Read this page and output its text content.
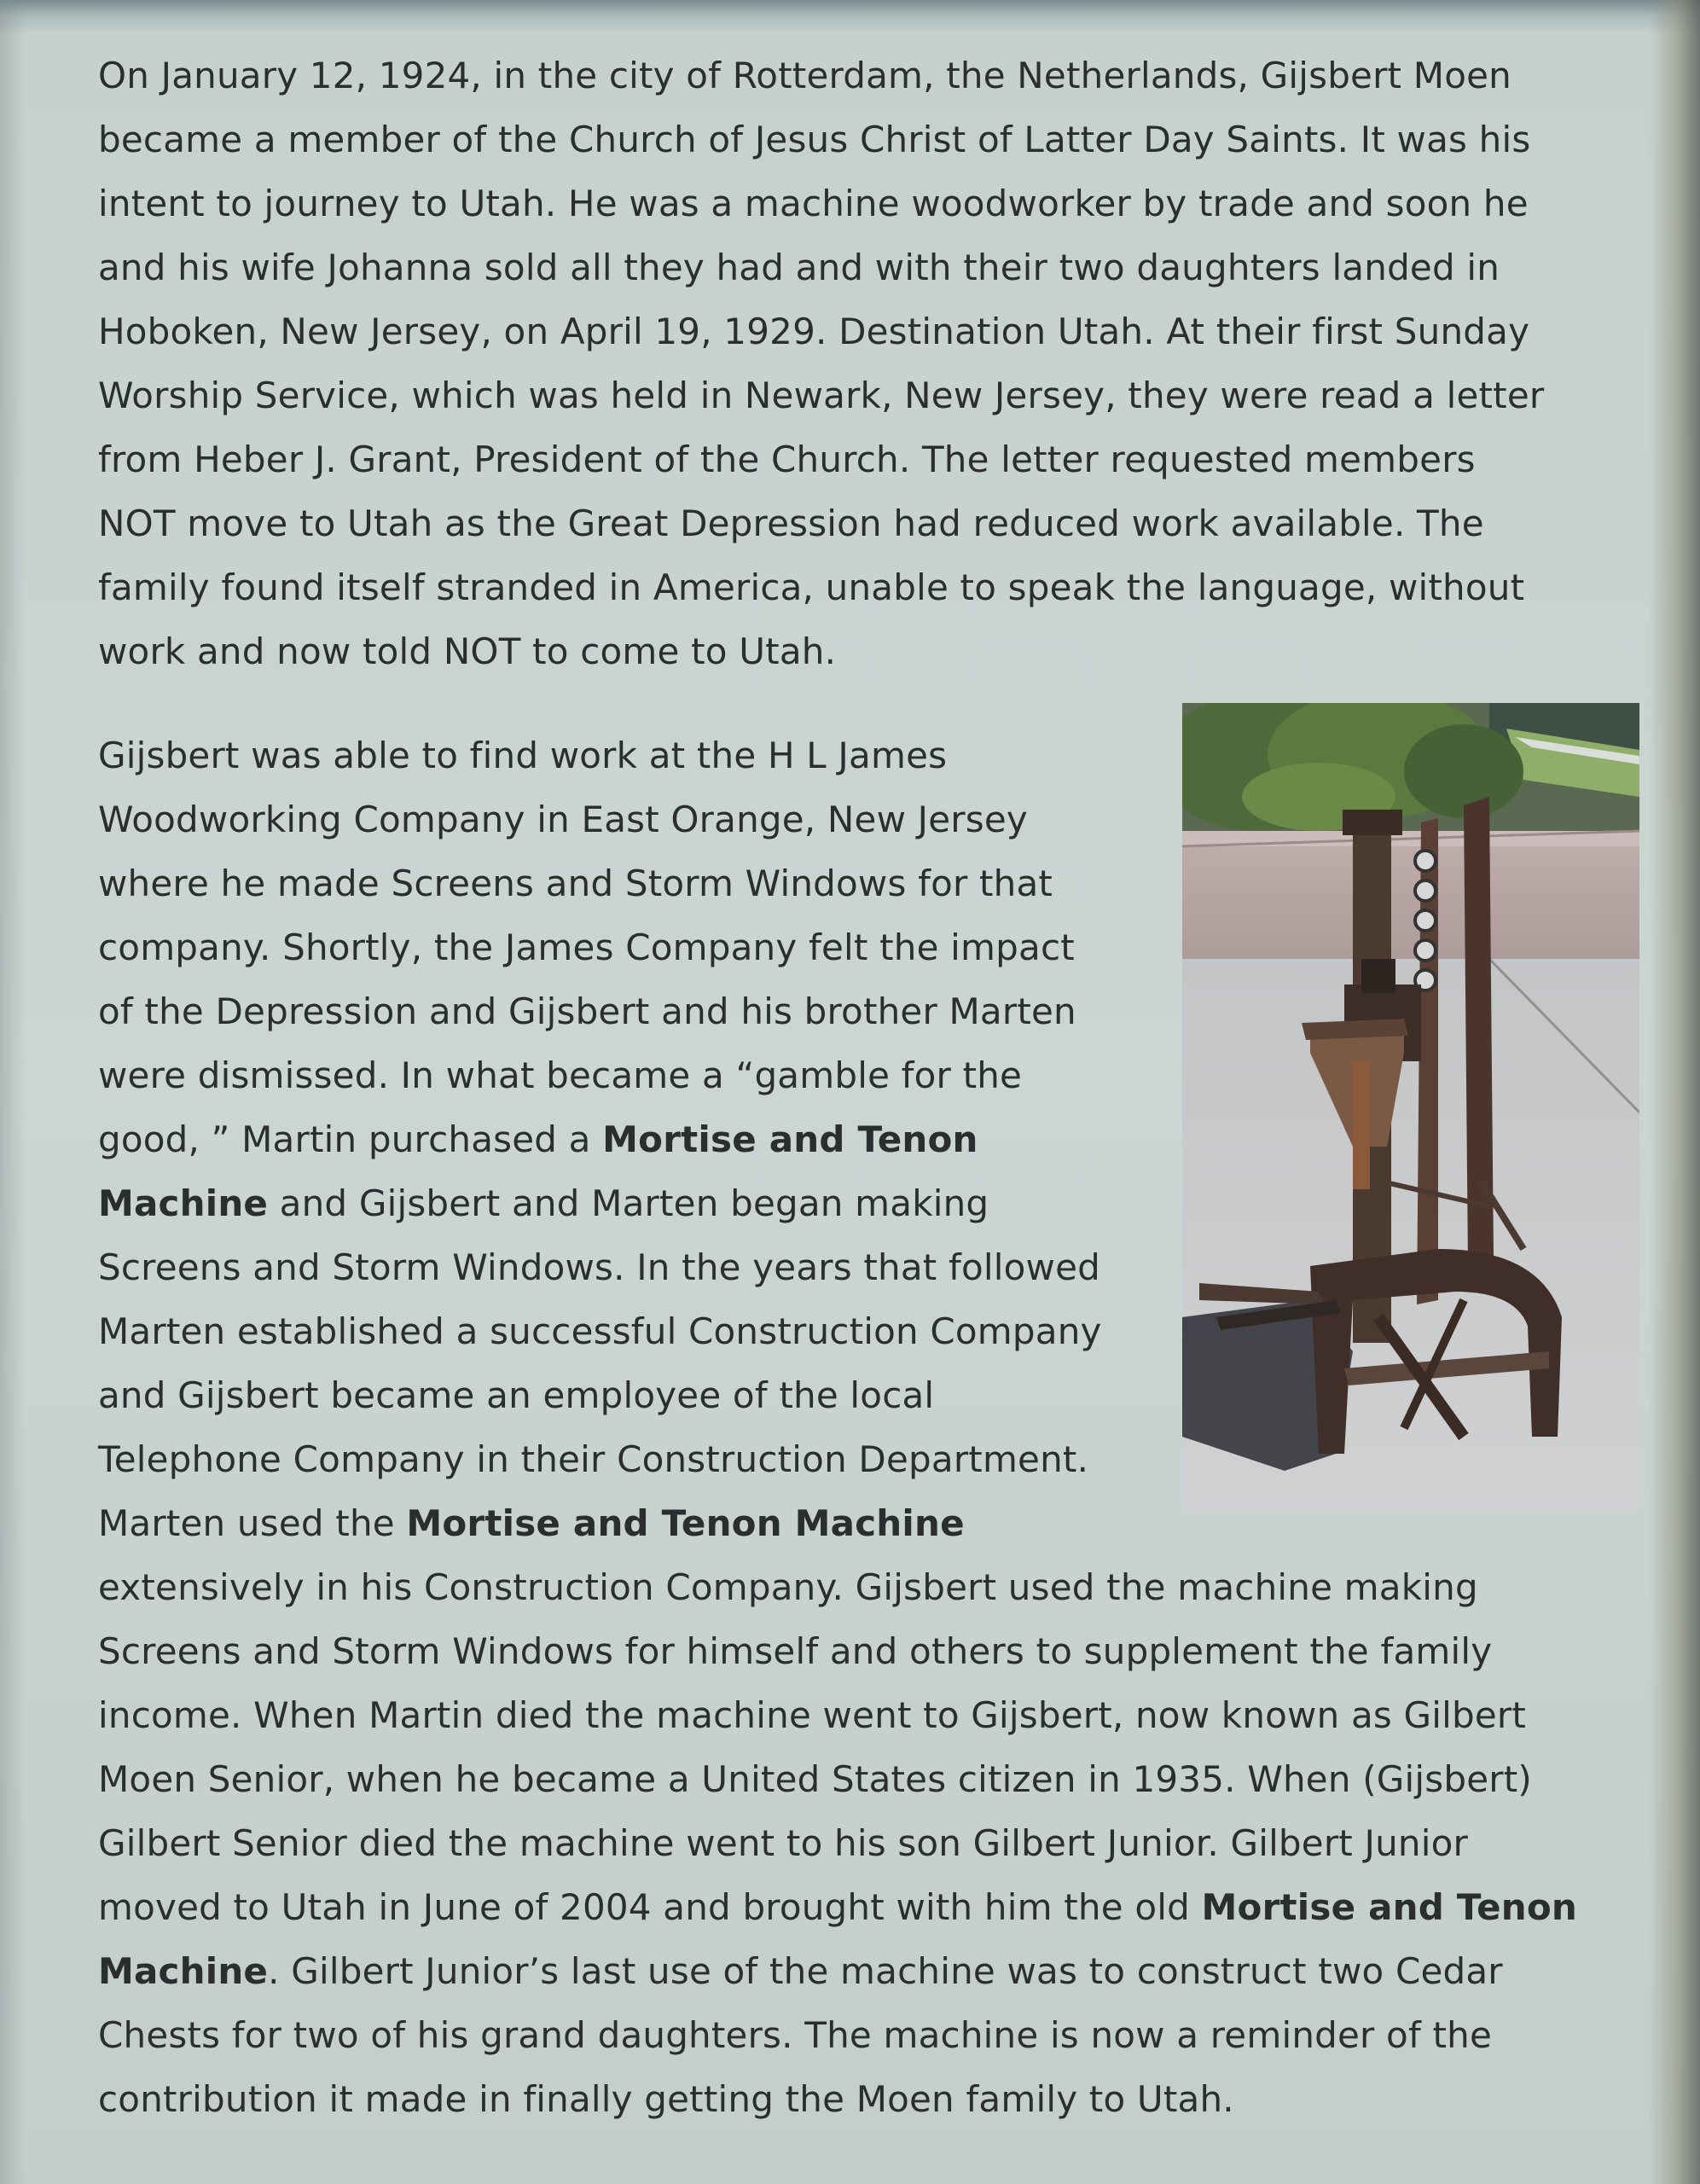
On January 12, 1924, in the city of Rotterdam, the Netherlands, Gijsbert Moen
became a member of the Church of Jesus Christ of Latter Day Saints. It was his
intent to journey to Utah. He was a machine woodworker by trade and soon he
and his wife Johanna sold all they had and with their two daughters landed in
Hoboken, New Jersey, on April 19, 1929. Destination Utah. At their first Sunday
Worship Service, which was held in Newark, New Jersey, they were read a letter
from Heber J. Grant, President of the Church. The letter requested members
NOT move to Utah as the Great Depression had reduced work available. The
family found itself stranded in America, unable to speak the language, without
work and now told NOT to come to Utah.
Gijsbert was able to find work at the H L James
Woodworking Company in East Orange, New Jersey
where he made Screens and Storm Windows for that
company. Shortly, the James Company felt the impact
of the Depression and Gijsbert and his brother Marten
were dismissed. In what became a “gamble for the
good, ” Martin purchased a Mortise and Tenon
Machine and Gijsbert and Marten began making
Screens and Storm Windows. In the years that followed
Marten established a successful Construction Company
and Gijsbert became an employee of the local
Telephone Company in their Construction Department.
Marten used the Mortise and Tenon Machine
extensively in his Construction Company. Gijsbert used the machine making
Screens and Storm Windows for himself and others to supplement the family
income. When Martin died the machine went to Gijsbert, now known as Gilbert
Moen Senior, when he became a United States citizen in 1935. When (Gijsbert)
Gilbert Senior died the machine went to his son Gilbert Junior. Gilbert Junior
moved to Utah in June of 2004 and brought with him the old Mortise and Tenon
Machine. Gilbert Junior’s last use of the machine was to construct two Cedar
Chests for two of his grand daughters. The machine is now a reminder of the
contribution it made in finally getting the Moen family to Utah.
